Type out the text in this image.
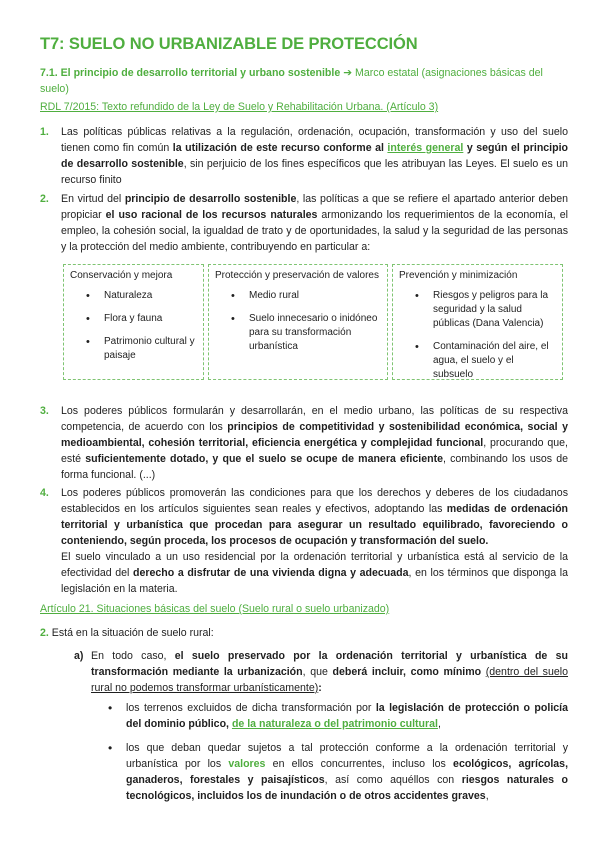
T7: SUELO NO URBANIZABLE DE PROTECCIÓN
7.1. El principio de desarrollo territorial y urbano sostenible ➔ Marco estatal (asignaciones básicas del suelo)
RDL 7/2015: Texto refundido de la Ley de Suelo y Rehabilitación Urbana. (Artículo 3)
1.	Las políticas públicas relativas a la regulación, ordenación, ocupación, transformación y uso del suelo tienen como fin común la utilización de este recurso conforme al interés general y según el principio de desarrollo sostenible, sin perjuicio de los fines específicos que les atribuyan las Leyes. El suelo es un recurso finito
2.	En virtud del principio de desarrollo sostenible, las políticas a que se refiere el apartado anterior deben propiciar el uso racional de los recursos naturales armonizando los requerimientos de la economía, el empleo, la cohesión social, la igualdad de trato y de oportunidades, la salud y la seguridad de las personas y la protección del medio ambiente, contribuyendo en particular a:
Conservación y mejora
• Naturaleza
• Flora y fauna
• Patrimonio cultural y paisaje
Protección y preservación de valores
• Medio rural
• Suelo innecesario o inidóneo para su transformación urbanística
Prevención y minimización
• Riesgos y peligros para la seguridad y la salud públicas (Dana Valencia)
• Contaminación del aire, el agua, el suelo y el subsuelo
3.	Los poderes públicos formularán y desarrollarán, en el medio urbano, las políticas de su respectiva competencia, de acuerdo con los principios de competitividad y sostenibilidad económica, social y medioambiental, cohesión territorial, eficiencia energética y complejidad funcional, procurando que, esté suficientemente dotado, y que el suelo se ocupe de manera eficiente, combinando los usos de forma funcional. (...)
4.	Los poderes públicos promoverán las condiciones para que los derechos y deberes de los ciudadanos establecidos en los artículos siguientes sean reales y efectivos, adoptando las medidas de ordenación territorial y urbanística que procedan para asegurar un resultado equilibrado, favoreciendo o conteniendo, según proceda, los procesos de ocupación y transformación del suelo.
El suelo vinculado a un uso residencial por la ordenación territorial y urbanística está al servicio de la efectividad del derecho a disfrutar de una vivienda digna y adecuada, en los términos que disponga la legislación en la materia.
Artículo 21. Situaciones básicas del suelo (Suelo rural o suelo urbanizado)
2. Está en la situación de suelo rural:
a) En todo caso, el suelo preservado por la ordenación territorial y urbanística de su transformación mediante la urbanización, que deberá incluir, como mínimo (dentro del suelo rural no podemos transformar urbanísticamente):
• los terrenos excluidos de dicha transformación por la legislación de protección o policía del dominio público, de la naturaleza o del patrimonio cultural,
• los que deban quedar sujetos a tal protección conforme a la ordenación territorial y urbanística por los valores en ellos concurrentes, incluso los ecológicos, agrícolas, ganaderos, forestales y paisajísticos, así como aquéllos con riesgos naturales o tecnológicos, incluidos los de inundación o de otros accidentes graves,
